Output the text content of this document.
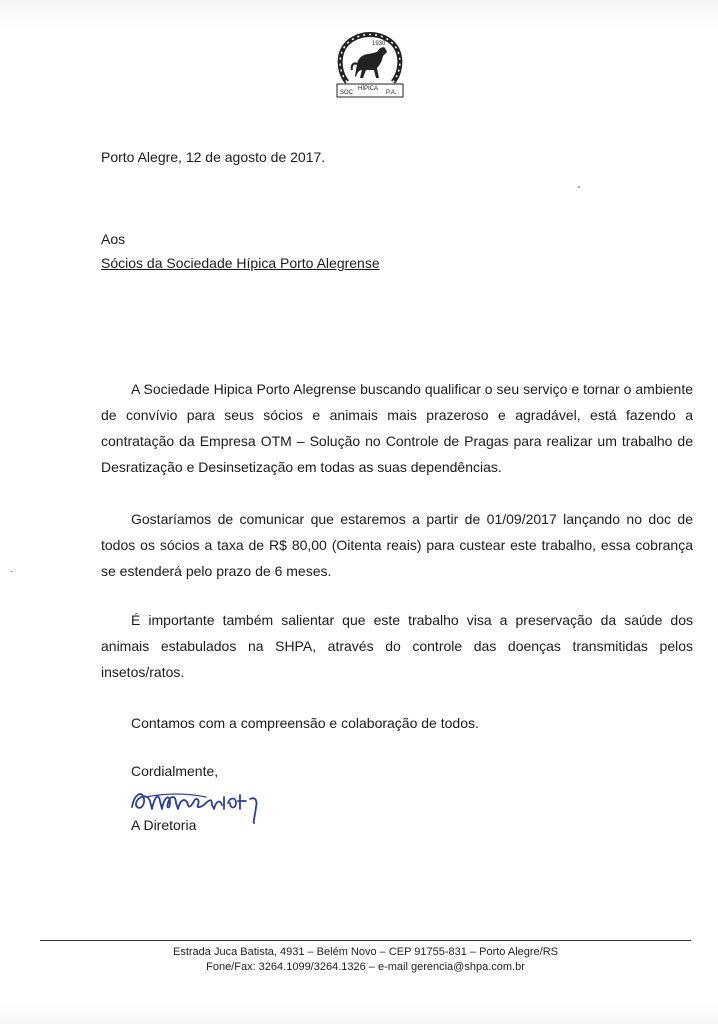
1930
SOC
HÍPICA
P.A.
Porto Alegre, 12 de agosto de 2017.
Aos
Sócios da Sociedade Hípica Porto Alegrense

A Sociedade Hipica Porto Alegrense buscando qualificar o seu serviço e tornar o ambiente de convívio para seus sócios e animais mais prazeroso e agradável, está fazendo a contratação da Empresa OTM – Solução no Controle de Pragas para realizar um trabalho de Desratização e Desinsetização em todas as suas dependências.

Gostaríamos de comunicar que estaremos a partir de 01/09/2017 lançando no doc de todos os sócios a taxa de R$ 80,00 (Oitenta reais) para custear este trabalho, essa cobrança se estenderá pelo prazo de 6 meses.

É importante também salientar que este trabalho visa a preservação da saúde dos animais estabulados na SHPA, através do controle das doenças transmitidas pelos insetos/ratos.

Contamos com a compreensão e colaboração de todos.

Cordialmente,
A Diretoria
Estrada Juca Batista, 4931 – Belém Novo – CEP 91755-831 – Porto Alegre/RS
Fone/Fax: 3264.1099/3264.1326 – e-mail gerencia@shpa.com.br
